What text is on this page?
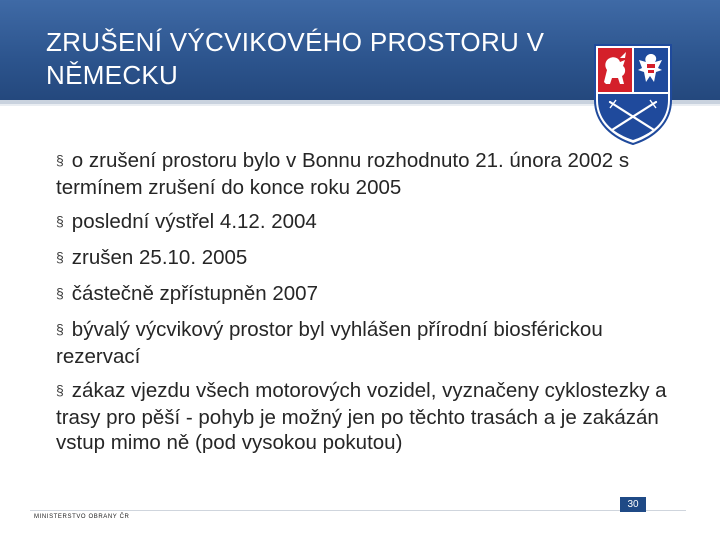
ZRUŠENÍ VÝCVIKOVÉHO PROSTORU V NĚMECKU
§ o zrušení prostoru bylo v Bonnu rozhodnuto 21. února 2002 s termínem zrušení do konce roku 2005
§ poslední výstřel 4.12. 2004
§ zrušen 25.10. 2005
§ částečně zpřístupněn 2007
§ bývalý výcvikový prostor byl vyhlášen přírodní biosférickou rezervací
§ zákaz vjezdu všech motorových vozidel, vyznačeny cyklostezky a trasy pro pěší - pohyb je možný jen po těchto trasách a je zakázán vstup mimo ně (pod vysokou pokutou)
30
MINISTERSTVO OBRANY ČR
